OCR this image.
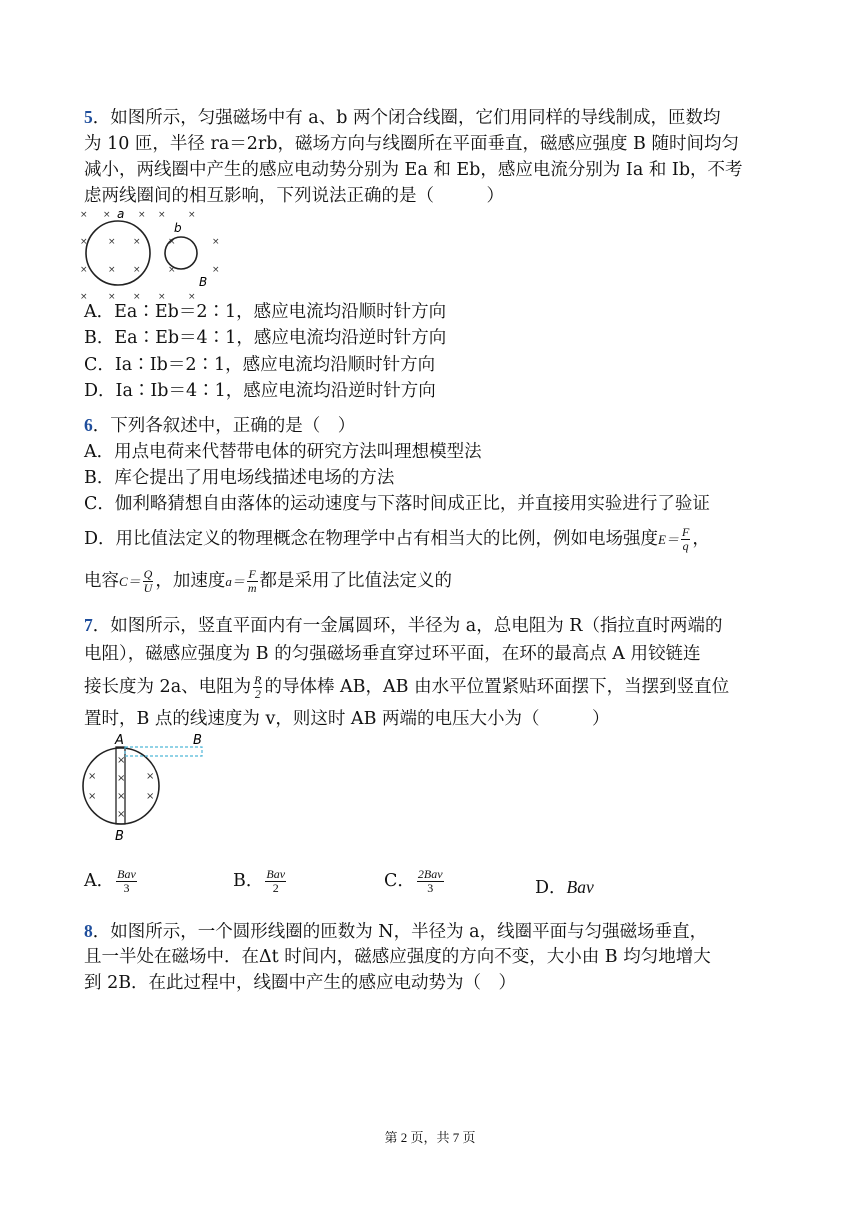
5．如图所示，匀强磁场中有 a、b 两个闭合线圈，它们用同样的导线制成，匝数均
为 10 匝，半径 ra＝2rb，磁场方向与线圈所在平面垂直，磁感应强度 B 随时间均匀
减小，两线圈中产生的感应电动势分别为 Ea 和 Eb，感应电流分别为 Ia 和 Ib，不考
虑两线圈间的相互影响，下列说法正确的是（　　　）
× ×	× × ×
× × ×	×	×
× × ×	×	×
× × × × ×
a
b
B
A．Ea∶Eb＝2∶1，感应电流均沿顺时针方向
B．Ea∶Eb＝4∶1，感应电流均沿逆时针方向
C．Ia∶Ib＝2∶1，感应电流均沿顺时针方向
D．Ia∶Ib＝4∶1，感应电流均沿逆时针方向
6．下列各叙述中，正确的是（　）
A．用点电荷来代替带电体的研究方法叫理想模型法
B．库仑提出了用电场线描述电场的方法
C．伽利略猜想自由落体的运动速度与下落时间成正比，并直接用实验进行了验证
D．用比值法定义的物理概念在物理学中占有相当大的比例，例如电场强度$E= \frac{F}{q}$ ，
电容$C= \frac{Q}{U}$ ，加速度$a= \frac{F}{m}$ 都是采用了比值法定义的
7．如图所示，竖直平面内有一金属圆环，半径为 a，总电阻为 R（指拉直时两端的
电阻），磁感应强度为 B 的匀强磁场垂直穿过环平面，在环的最高点 A 用铰链连
接长度为 2a、电阻为 $\frac{R}{2}$ 的导体棒 AB，AB 由水平位置紧贴环面摆下，当摆到竖直位
置时，B 点的线速度为 v，则这时 AB 两端的电压大小为（　　　）
×
×
×
×
×
×
×
×
A	B
B
A． $\frac{\text{Bav}}{3}$	B． $\frac{\text{Bav}}{2}$	C． $\frac{\text{2Bav}}{3}$	D．Bav
8．如图所示，一个圆形线圈的匝数为 N，半径为 a，线圈平面与匀强磁场垂直，
且一半处在磁场中．在Δt 时间内，磁感应强度的方向不变，大小由 B 均匀地增大
到 2B．在此过程中，线圈中产生的感应电动势为（　）
第 2 页，共 7 页
